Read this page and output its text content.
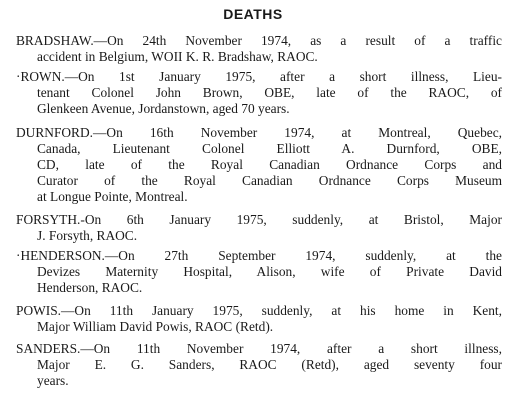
DEATHS
BRADSHAW.—On 24th November 1974, as a result of a traffic
accident in Belgium, WOII K. R. Bradshaw, RAOC.
·ROWN.—On 1st January 1975, after a short illness, Lieu-
tenant Colonel John Brown, OBE, late of the RAOC, of
Glenkeen Avenue, Jordanstown, aged 70 years.
DURNFORD.—On 16th November 1974, at Montreal, Quebec,
Canada, Lieutenant Colonel Elliott A. Durnford, OBE,
CD, late of the Royal Canadian Ordnance Corps and
Curator of the Royal Canadian Ordnance Corps Museum
at Longue Pointe, Montreal.
FORSYTH.-On 6th January 1975, suddenly, at Bristol, Major
J. Forsyth, RAOC.
·HENDERSON.—On 27th September 1974, suddenly, at the
Devizes Maternity Hospital, Alison, wife of Private David
Henderson, RAOC.
POWIS.—On 11th January 1975, suddenly, at his home in Kent,
Major William David Powis, RAOC (Retd).
SANDERS.—On 11th November 1974, after a short illness,
Major E. G. Sanders, RAOC (Retd), aged seventy four
years.
